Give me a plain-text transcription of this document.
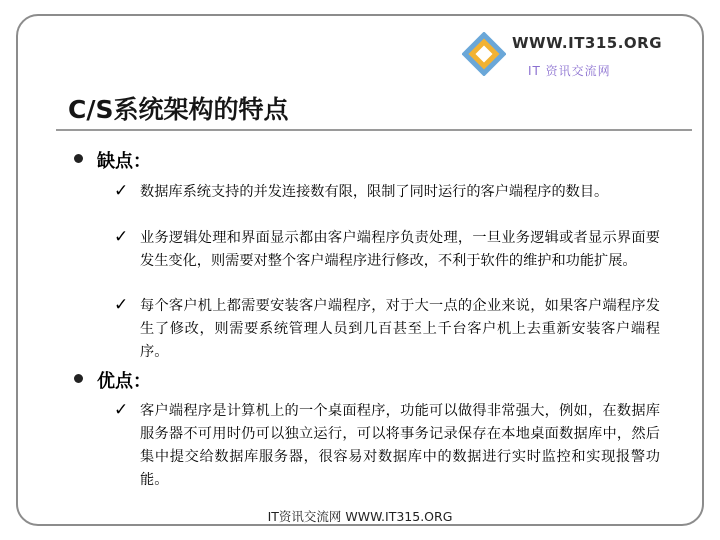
WWW.IT315.ORG
IT 资讯交流网
C/S系统架构的特点
缺点：
✓ 数据库系统支持的并发连接数有限，限制了同时运行的客户端程序的数目。
✓ 业务逻辑处理和界面显示都由客户端程序负责处理，一旦业务逻辑或者显示界面要发生变化，则需要对整个客户端程序进行修改，不利于软件的维护和功能扩展。
✓ 每个客户机上都需要安装客户端程序，对于大一点的企业来说，如果客户端程序发生了修改，则需要系统管理人员到几百甚至上千台客户机上去重新安装客户端程序。
优点：
✓ 客户端程序是计算机上的一个桌面程序，功能可以做得非常强大，例如，在数据库服务器不可用时仍可以独立运行，可以将事务记录保存在本地桌面数据库中，然后集中提交给数据库服务器，很容易对数据库中的数据进行实时监控和实现报警功能。
IT资讯交流网 WWW.IT315.ORG
